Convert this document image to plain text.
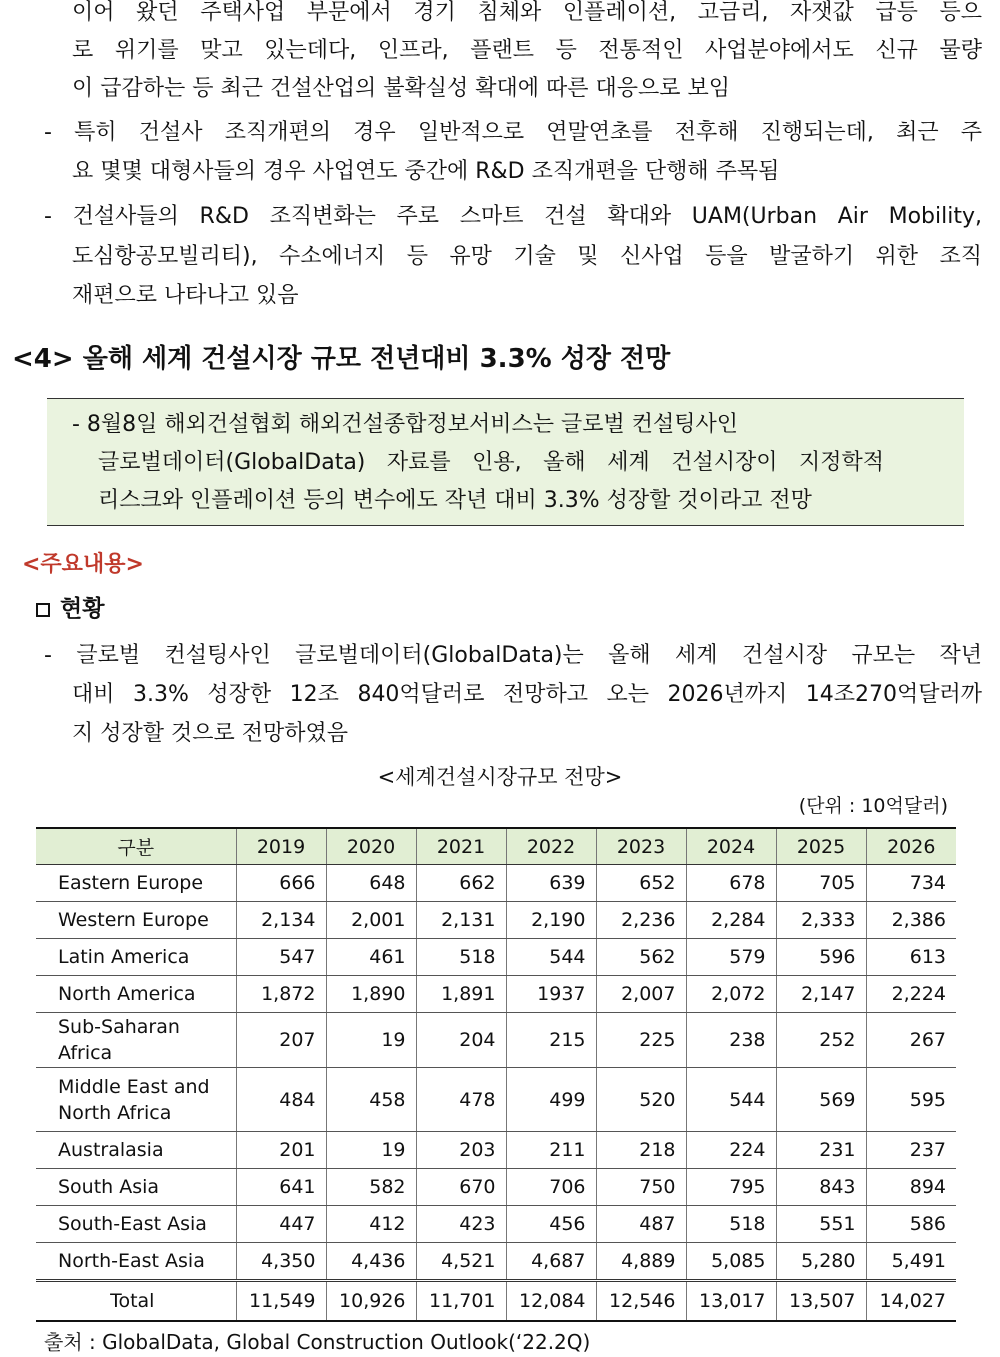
이어 왔던 주택사업 부문에서 경기 침체와 인플레이션, 고금리, 자잿값 급등 등으
로 위기를 맞고 있는데다, 인프라, 플랜트 등 전통적인 사업분야에서도 신규 물량
이 급감하는 등 최근 건설산업의 불확실성 확대에 따른 대응으로 보임
- 특히 건설사 조직개편의 경우 일반적으로 연말연초를 전후해 진행되는데, 최근 주
요 몇몇 대형사들의 경우 사업연도 중간에 R&D 조직개편을 단행해 주목됨
- 건설사들의 R&D 조직변화는 주로 스마트 건설 확대와 UAM(Urban Air Mobility,
도심항공모빌리티), 수소에너지 등 유망 기술 및 신사업 등을 발굴하기 위한 조직
재편으로 나타나고 있음
<4> 올해 세계 건설시장 규모 전년대비 3.3% 성장 전망
- 8월8일 해외건설협회 해외건설종합정보서비스는 글로벌 컨설팅사인
글로벌데이터(GlobalData) 자료를 인용, 올해 세계 건설시장이 지정학적
리스크와 인플레이션 등의 변수에도 작년 대비 3.3% 성장할 것이라고 전망
<주요내용>
현황
- 글로벌 컨설팅사인 글로벌데이터(GlobalData)는 올해 세계 건설시장 규모는 작년
대비 3.3% 성장한 12조 840억달러로 전망하고 오는 2026년까지 14조270억달러까
지 성장할 것으로 전망하였음
<세계건설시장규모 전망>
(단위 : 10억달러)
구분	2019	2020	2021	2022	2023	2024	2025	2026
Eastern Europe	666	648	662	639	652	678	705	734
Western Europe	2,134	2,001	2,131	2,190	2,236	2,284	2,333	2,386
Latin America	547	461	518	544	562	579	596	613
North America	1,872	1,890	1,891	1937	2,007	2,072	2,147	2,224
Sub-Saharan Africa	207	19	204	215	225	238	252	267
Middle East and North Africa	484	458	478	499	520	544	569	595
Australasia	201	19	203	211	218	224	231	237
South Asia	641	582	670	706	750	795	843	894
South-East Asia	447	412	423	456	487	518	551	586
North-East Asia	4,350	4,436	4,521	4,687	4,889	5,085	5,280	5,491
Total	11,549	10,926	11,701	12,084	12,546	13,017	13,507	14,027
출처 : GlobalData, Global Construction Outlook(‘22.2Q)
